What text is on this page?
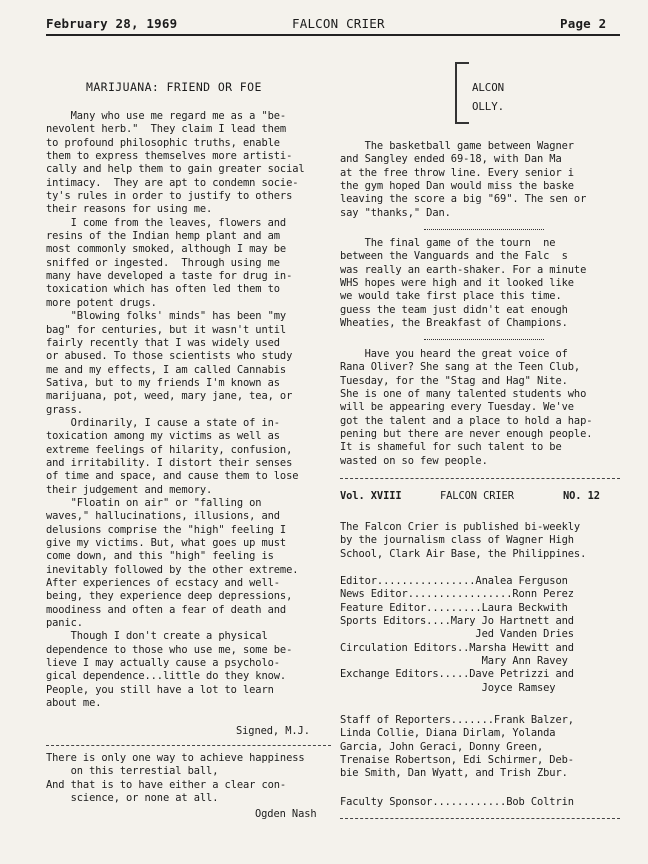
February 28, 1969	FALCON CRIER	Page 2
MARIJUANA: FRIEND OR FOE

Many who use me regard me as a "be-
nevolent herb."  They claim I lead them
to profound philosophic truths, enable
them to express themselves more artisti-
cally and help them to gain greater social
intimacy.  They are apt to condemn socie-
ty's rules in order to justify to others
their reasons for using me.

I come from the leaves, flowers and
resins of the Indian hemp plant and am
most commonly smoked, although I may be
sniffed or ingested.  Through using me
many have developed a taste for drug in-
toxication which has often led them to
more potent drugs.

"Blowing folks' minds" has been "my
bag" for centuries, but it wasn't until
fairly recently that I was widely used
or abused. To those scientists who study
me and my effects, I am called Cannabis
Sativa, but to my friends I'm known as
marijuana, pot, weed, mary jane, tea, or
grass.

Ordinarily, I cause a state of in-
toxication among my victims as well as
extreme feelings of hilarity, confusion,
and irritability. I distort their senses
of time and space, and cause them to lose
their judgement and memory.

"Floatin on air" or "falling on
waves," hallucinations, illusions, and
delusions comprise the "high" feeling I
give my victims. But, what goes up must
come down, and this "high" feeling is
inevitably followed by the other extreme.
After experiences of ecstacy and well-
being, they experience deep depressions,
moodiness and often a fear of death and
panic.

Though I don't create a physical
dependence to those who use me, some be-
lieve I may actually cause a psycholo-
gical dependence...little do they know.
People, you still have a lot to learn
about me.

Signed, M.J.
There is only one way to achieve happiness
on this terrestial ball,
And that is to have either a clear con-
science, or none at all.
Ogden Nash
ALCON
OLLY.
The basketball game between Wagner
and Sangley ended 69-18, with Dan Ma
at the free throw line. Every senior i
the gym hoped Dan would miss the baske
leaving the score a big "69". The sen or
say "thanks," Dan.
The final game of the tourn  ne
between the Vanguards and the Falc  s
was really an earth-shaker. For a minute
WHS hopes were high and it looked like
we would take first place this time.
guess the team just didn't eat enough
Wheaties, the Breakfast of Champions.
Have you heard the great voice of
Rana Oliver? She sang at the Teen Club,
Tuesday, for the "Stag and Hag" Nite.
She is one of many talented students who
will be appearing every Tuesday. We've
got the talent and a place to hold a hap-
pening but there are never enough people.
It is shameful for such talent to be
wasted on so few people.
Vol. XVIII	FALCON CRIER	NO. 12
The Falcon Crier is published bi-weekly
by the journalism class of Wagner High
School, Clark Air Base, the Philippines.
Editor................Analea Ferguson
News Editor.................Ronn Perez
Feature Editor.........Laura Beckwith
Sports Editors....Mary Jo Hartnett and
Jed Vanden Dries
Circulation Editors..Marsha Hewitt and
Mary Ann Ravey
Exchange Editors.....Dave Petrizzi and
Joyce Ramsey
Staff of Reporters.......Frank Balzer,
Linda Collie, Diana Dirlam, Yolanda
Garcia, John Geraci, Donny Green,
Trenaise Robertson, Edi Schirmer, Deb-
bie Smith, Dan Wyatt, and Trish Zbur.
Faculty Sponsor............Bob Coltrin
